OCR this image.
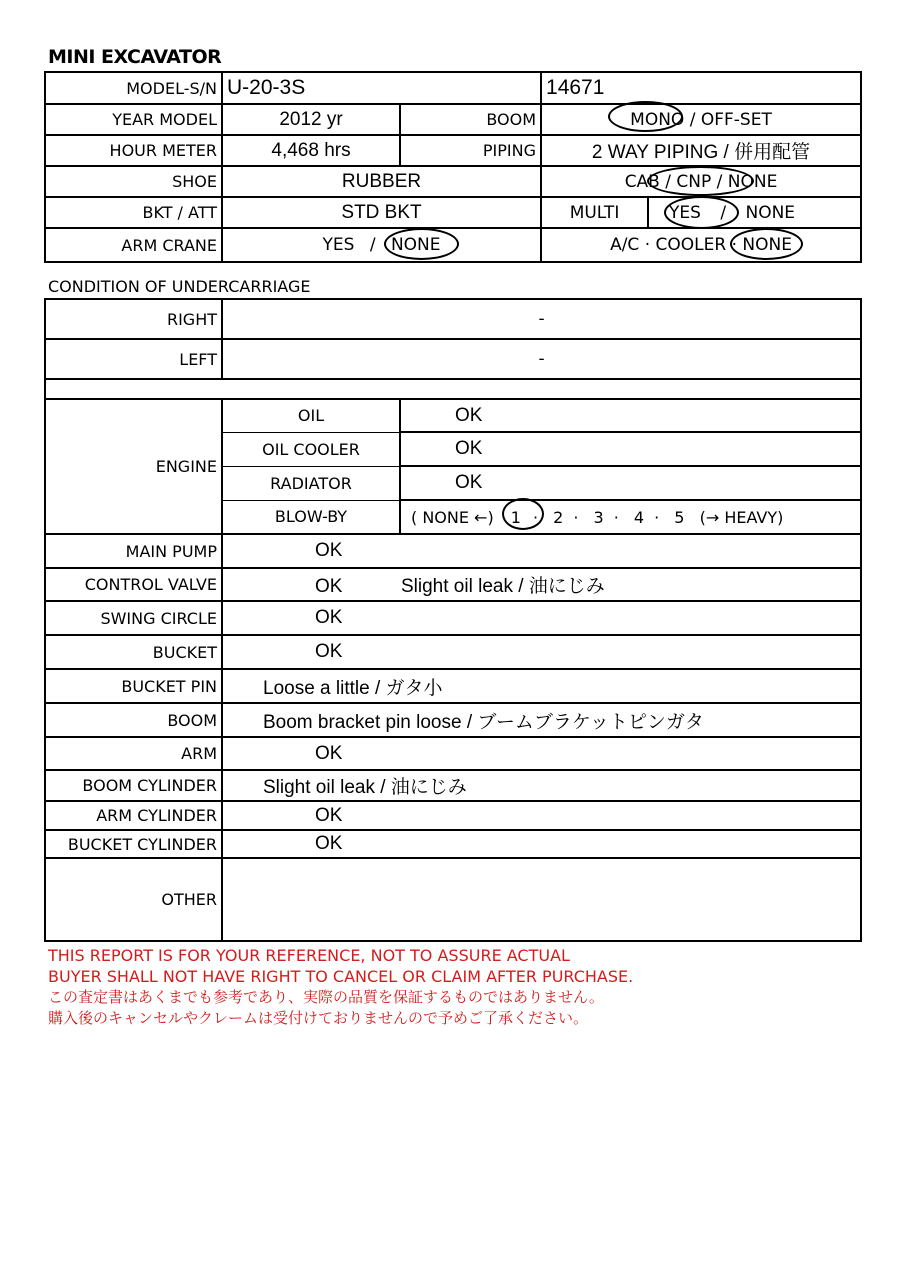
MINI EXCAVATOR
MODEL-S/N	U-20-3S		14671	
YEAR MODEL	2012 yr	BOOM	MONO / OFF-SET	
HOUR METER	4,468 hrs	PIPING	2 WAY PIPING / 併用配管	
SHOE	RUBBER		CAB / CNP / NONE	
BKT / ATT	STD BKT		MULTI	YES / NONE
ARM CRANE	YES / NONE		A/C · COOLER · NONE	
CONDITION OF UNDERCARRIAGE
RIGHT	-	
LEFT	-	

ENGINE	OIL	OK
	OIL COOLER	OK
	RADIATOR	OK
	BLOW-BY	( NONE ←) 1 · 2 · 3 · 4 · 5 (→ HEAVY)
MAIN PUMP	OK	
CONTROL VALVE	OK Slight oil leak / 油にじみ	
SWING CIRCLE	OK	
BUCKET	OK	
BUCKET PIN	Loose a little / ガタ小	
BOOM	Boom bracket pin loose / ブームブラケットピンガタ	
ARM	OK	
BOOM CYLINDER	Slight oil leak / 油にじみ	
ARM CYLINDER	OK	
BUCKET CYLINDER	OK	
OTHER		

THIS REPORT IS FOR YOUR REFERENCE, NOT TO ASSURE ACTUAL

BUYER SHALL NOT HAVE RIGHT TO CANCEL OR CLAIM AFTER PURCHASE.

この査定書はあくまでも参考であり、実際の品質を保証するものではありません。

購入後のキャンセルやクレームは受付けておりませんので予めご了承ください。
